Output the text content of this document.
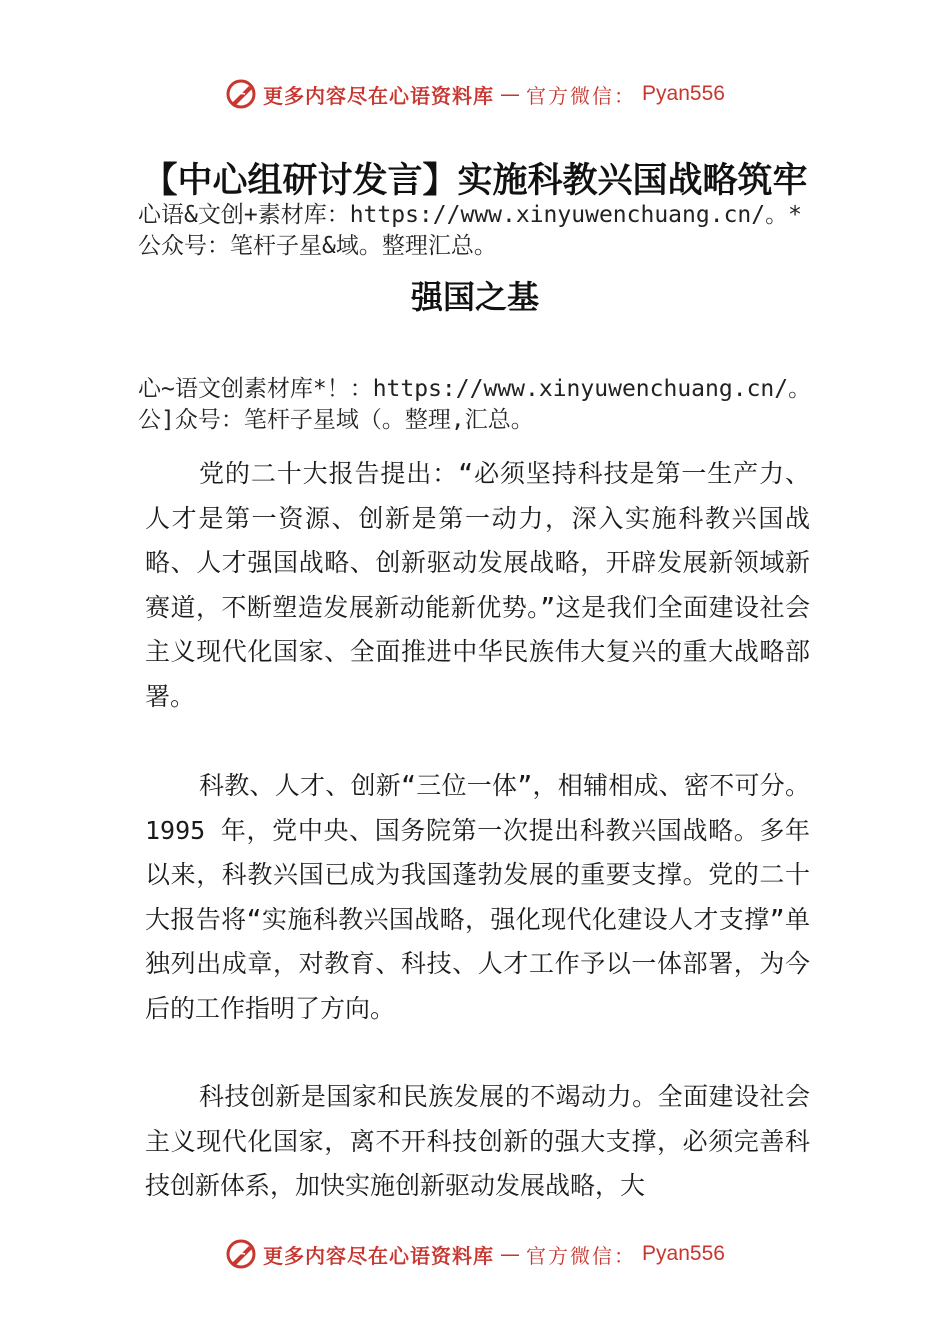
更多内容尽在心语资料库 — 官方微信： Pyan556
【中心组研讨发言】实施科教兴国战略筑牢
心语&文创+素材库：https://www.xinyuwenchuang.cn/。*
公众号：笔杆子星&域。整理汇总。
强国之基
心~语文创素材库*！：https://www.xinyuwenchuang.cn/。
公]众号：笔杆子星域（。整理,汇总。

党的二十大报告提出：“必须坚持科技是第一生产力、人才是第一资源、创新是第一动力，深入实施科教兴国战略、人才强国战略、创新驱动发展战略，开辟发展新领域新赛道，不断塑造发展新动能新优势。”这是我们全面建设社会主义现代化国家、全面推进中华民族伟大复兴的重大战略部署。

科教、人才、创新“三位一体”，相辅相成、密不可分。1995 年，党中央、国务院第一次提出科教兴国战略。多年以来，科教兴国已成为我国蓬勃发展的重要支撑。党的二十大报告将“实施科教兴国战略，强化现代化建设人才支撑”单独列出成章，对教育、科技、人才工作予以一体部署，为今后的工作指明了方向。

科技创新是国家和民族发展的不竭动力。全面建设社会主义现代化国家，离不开科技创新的强大支撑，必须完善科技创新体系，加快实施创新驱动发展战略，大

更多内容尽在心语资料库 — 官方微信： Pyan556
